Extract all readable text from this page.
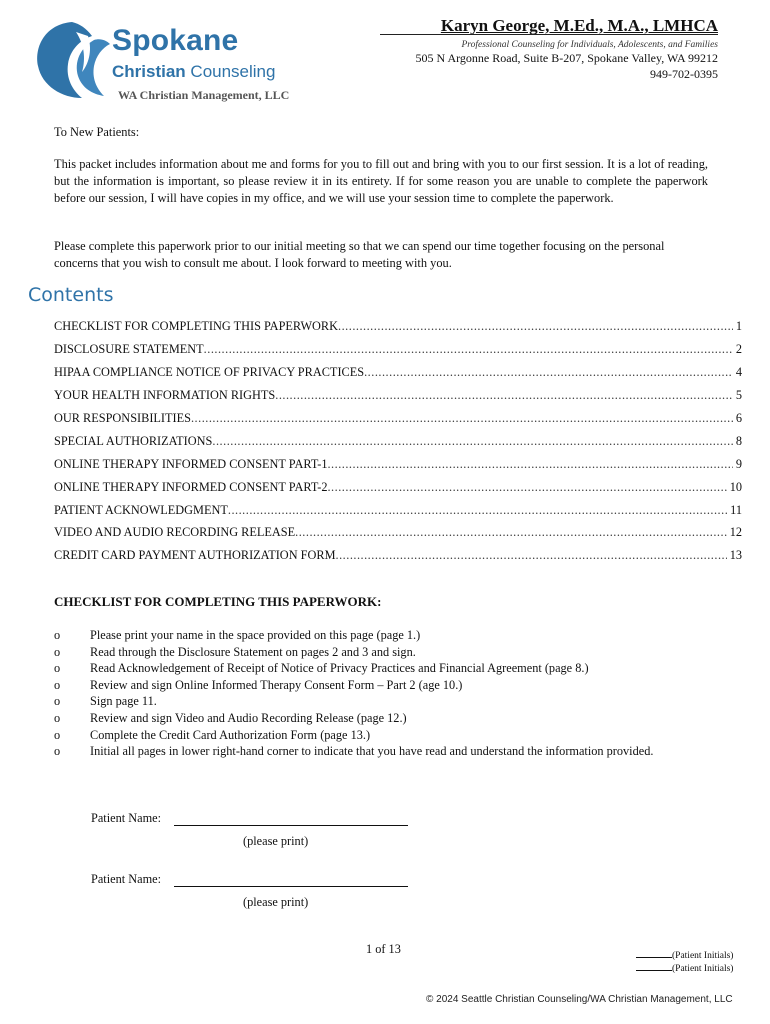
Spokane
Christian Counseling
WA Christian Management, LLC
Karyn George, M.Ed., M.A., LMHCA
Professional Counseling for Individuals, Adolescents, and Families
505 N Argonne Road, Suite B-207, Spokane Valley, WA 99212
949-702-0395
To New Patients:
This packet includes information about me and forms for you to fill out and bring with you to our first session. It is a lot of reading, but the information is important, so please review it in its entirety. If for some reason you are unable to complete the paperwork before our session, I will have copies in my office, and we will use your session time to complete the paperwork.
Please complete this paperwork prior to our initial meeting so that we can spend our time together focusing on the personal concerns that you wish to consult me about. I look forward to meeting with you.
Contents
CHECKLIST FOR COMPLETING THIS PAPERWORK .....	1
DISCLOSURE STATEMENT .....	2
HIPAA COMPLIANCE NOTICE OF PRIVACY PRACTICES .....	4
YOUR HEALTH INFORMATION RIGHTS .....	5
OUR RESPONSIBILITIES .....	6
SPECIAL AUTHORIZATIONS .....	8
ONLINE THERAPY INFORMED CONSENT PART-1 .....	9
ONLINE THERAPY INFORMED CONSENT PART-2 .....	10
PATIENT ACKNOWLEDGMENT .....	11
VIDEO AND AUDIO RECORDING RELEASE .....	12
CREDIT CARD PAYMENT AUTHORIZATION FORM .....	13
CHECKLIST FOR COMPLETING THIS PAPERWORK:
o	Please print your name in the space provided on this page (page 1.)
o	Read through the Disclosure Statement on pages 2 and 3 and sign.
o	Read Acknowledgement of Receipt of Notice of Privacy Practices and Financial Agreement (page 8.)
o	Review and sign Online Informed Therapy Consent Form – Part 2 (age 10.)
o	Sign page 11.
o	Review and sign Video and Audio Recording Release (page 12.)
o	Complete the Credit Card Authorization Form (page 13.)
o	Initial all pages in lower right-hand corner to indicate that you have read and understand the information provided.
Patient Name:
(please print)
Patient Name:
(please print)
1 of 13	(Patient Initials)
(Patient Initials)
© 2024 Seattle Christian Counseling/WA Christian Management, LLC
